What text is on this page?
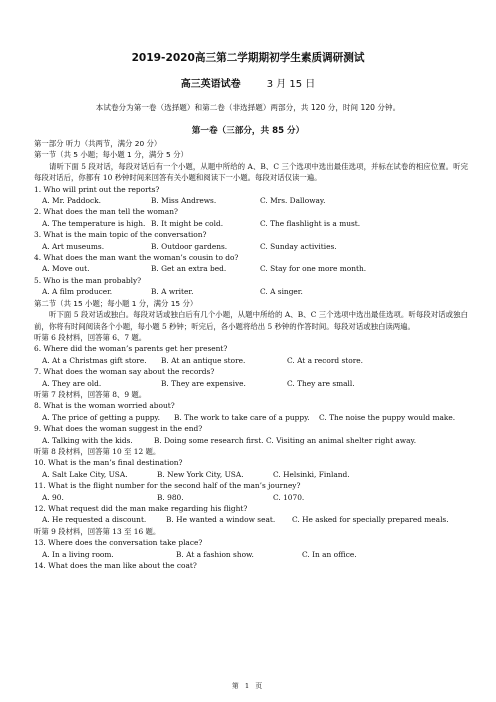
2019-2020高三第二学期期初学生素质调研测试
高三英语试卷	3 月 15 日
本试卷分为第一卷（选择题）和第二卷（非选择题）两部分，共 120 分，时间 120 分钟。
第一卷（三部分，共 85 分）
第一部分 听力（共两节，满分 20 分）
第一节（共 5 小题；每小题 1 分，满分 5 分）
请听下面 5 段对话，每段对话后有一个小题，从题中所给的 A、B、C 三个选项中选出最佳选项，并标在试卷的相应位置。听完每段对话后，你都有 10 秒钟时间来回答有关小题和阅读下一小题。每段对话仅读一遍。
1. Who will print out the reports?
A. Mr. Paddock.	B. Miss Andrews.	C. Mrs. Dalloway.
2. What does the man tell the woman?
A. The temperature is high. B. It might be cold.	C. The flashlight is a must.
3. What is the main topic of the conversation?
A. Art museums.	B. Outdoor gardens.	C. Sunday activities.
4. What does the man want the woman’s cousin to do?
A. Move out.	B. Get an extra bed.	C. Stay for one more month.
5. Who is the man probably?
A. A film producer.	B. A writer.	C. A singer.
第二节（共 15 小题；每小题 1 分，满分 15 分）
听下面 5 段对话或独白。每段对话或独白后有几个小题，从题中所给的 A、B、C 三个选项中选出最佳选项。听每段对话或独白前，你将有时间阅读各个小题，每小题 5 秒钟；听完后，各小题将给出 5 秒钟的作答时间。每段对话或独白读两遍。
听第 6 段材料，回答第 6、7 题。
6. Where did the woman’s parents get her present?
A. At a Christmas gift store.	B. At an antique store.	C. At a record store.
7. What does the woman say about the records?
A. They are old.	B. They are expensive.	C. They are small.
听第 7 段材料，回答第 8、9 题。
8. What is the woman worried about?
A. The price of getting a puppy.	B. The work to take care of a puppy.	C. The noise the puppy would make.
9. What does the woman suggest in the end?
A. Talking with the kids.	B. Doing some research first. C. Visiting an animal shelter right away.
听第 8 段材料，回答第 10 至 12 题。
10. What is the man’s final destination?
A. Salt Lake City, USA.	B. New York City, USA.	C. Helsinki, Finland.
11. What is the flight number for the second half of the man’s journey?
A. 90.	B. 980.	C. 1070.
12. What request did the man make regarding his flight?
A. He requested a discount.	B. He wanted a window seat.	C. He asked for specially prepared meals.
听第 9 段材料，回答第 13 至 16 题。
13. Where does the conversation take place?
A. In a living room.	B. At a fashion show.	C. In an office.
14. What does the man like about the coat?
第 1 页
